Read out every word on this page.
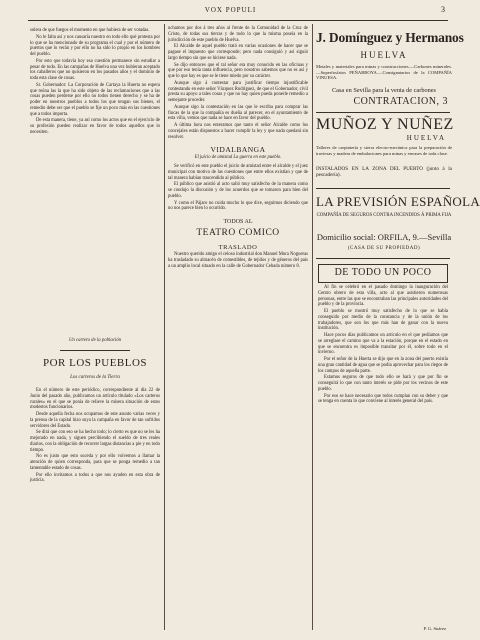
VOX POPULI	3

solera de que fuegos el momento en que hubiera de ser votadas.

No le falta así y nos causaría nuestro en todo ello qué protesta por lo que se ha mencionado de su programa el cual y por el número de puertos que lo verán y por ello no ha sido lo propio en los hombres del pueblo.

Por esto que todavía hoy esa cuestión permanece sin estudiar a pesar de todo. En las campañas de Huelva una vez hubieran aceptado los caballeros que no quisieron en los pasados años y el dominio de toda esta clase de cosas.

Sr. Gobernador: La Corporación de Cartaya la Huerta no espera que reúna las la que ha sido objeto de las reclamaciones que a las cosas pueden perderse por ello no todos tienen derecho y se ha de poder en nuestros pueblos a todos los que tengan sus bienes, el remedio debe ser que el pueblo se fije un poco más en las cuestiones que a todos importa.

De esta manera, tiene, ya así como los actos que en el ejercicio de su profesión pueden realizar en favor de todos aquellos que lo necesiten.

Un cartero de la población
POR LOS PUEBLOS
Los carteros de la Tierra

En el número de este periódico, correspondiente al día 22 de Junio del pasado año, publicamos un artículo titulado «Los carteros rurales» en el que se ponía de relieve la mísera situación de estos modestos funcionarios.

Desde aquella fecha nos ocupamos de este asunto varias veces y la prensa de la capital hizo suya la campaña en favor de tan sufridos servidores del Estado.

Se dirá que con eso se ha hecho todo; lo cierto es que no se les ha mejorado en nada, y siguen percibiendo el sueldo de tres reales diarios, con la obligación de recorrer largas distancias a pie y en todo tiempo.

No es justo que esto suceda y por ello volvemos a llamar la atención de quien corresponda, para que se ponga remedio a tan lamentable estado de cosas.

Por ello invitamos a todos a que nos ayuden en esta obra de justicia.

uchamos por dos á tres años al frente de la Comunidad de la Cruz de Cristo, de todas sus tierras y de todo lo que la misma poseía en la jurisdicción de este pueblo de Huelva.

El Alcalde de aquel pueblo trató en varias ocasiones de hacer que se pagase el impuesto que corresponde; pero nada consiguió y así siguió largo tiempo sin que se hiciese nada.

Se dijo entonces que el tal señor era muy conocido en las oficinas y que por eso tenía tanta influencia, pero nosotros sabemos que no es así y que lo que hay es que se le tiene miedo por su carácter.

Aunque sigo á contestar para justificar tiempo injustificable contestando en este señor Vázquez Rodríguez, de que el Gobernador, civil presta su apoyo a tales cosas y que no hay quien pueda ponerle remedio a semejante proceder.

Aunque sigo la contestación en las que le escriba para comprar las fincas de la que la compañía es dueña al parecer, en el ayuntamiento de esta villa, vemos que nada se hace en favor del pueblo.

A última hora nos enteramos que tanto el señor Alcalde como los concejales están dispuestos a hacer cumplir la ley y que nada quedará sin resolver.

VIDALBANGA
El juicio de amistad La guerra en este pueblo.

Se verificó en este pueblo el juicio de amistad entre el alcalde y el juez municipal con motivo de las cuestiones que entre ellos existían y que de tal manera habían trascendido al público.

El público que asistió al acto salió muy satisfecho de la manera como se condujo la discusión y de los acuerdos que se tomaron para bien del pueblo.

Y como el Pájaro no cuida mucho lo que dice, seguimos diciendo que no nos parece bien lo ocurrido.

TODOS AL
TEATRO COMICO
TRASLADO

Nuestro querido amigo el celoso industrial don Manuel Mora Nogueras ha trasladado su almacén de comestibles, de tejidos y de géneros del país a un amplio local situado en la calle de Gobernador Cebada número 8.

J. Domínguez y Hermanos
HUELVA
Metales y materiales para minas y construcciones.—Carbones minerales.—Superfosfatos PEÑARROYA.—Consignatarios de la COMPAÑÍA VINUESA.
Casa en Sevilla para la venta de carbones
CONTRATACION, 3
MUÑOZ Y NUÑEZ
HUELVA
Talleres de carpintería y sierra electro-mecánica para la preparación de traviesas y madera de embalaciones para minas y envases de toda clase.
INSTALADOS EN LA ZONA DEL PUERTO (junto á la pescadería).
LA PREVISIÓN ESPAÑOLA
COMPAÑÍA DE SEGUROS CONTRA INCENDIOS Á PRIMA FIJA
Domicilio social: ORFILA, 9.—Sevilla
(CASA DE SU PROPIEDAD)
DE TODO UN POCO

Al fin se celebró en el pasado domingo la inauguración del Centro obrero de esta villa, acto al que asistieron numerosas personas, entre las que se encontraban las principales autoridades del pueblo y de la provincia.

El pueblo se mostró muy satisfecho de lo que se había conseguido por medio de la constancia y de la unión de los trabajadores, que son los que más han de ganar con la nueva institución.

Hace pocos días publicamos un artículo en el que pedíamos que se arreglase el camino que va a la estación, porque en el estado en que se encuentra es imposible transitar por él, sobre todo en el invierno.

Por el señor de la Huerta se dijo que en la zona del puerto existía una gran cantidad de agua que se podía aprovechar para los riegos de los campos de aquella parte.

Estamos seguros de que todo ello se hará y que por fin se conseguirá lo que con tanto interés se pide por los vecinos de este pueblo.

Por eso se hace necesario que todos cumplan con su deber y que se tenga en cuenta lo que conviene al interés general del país.

P. G. Suárez
